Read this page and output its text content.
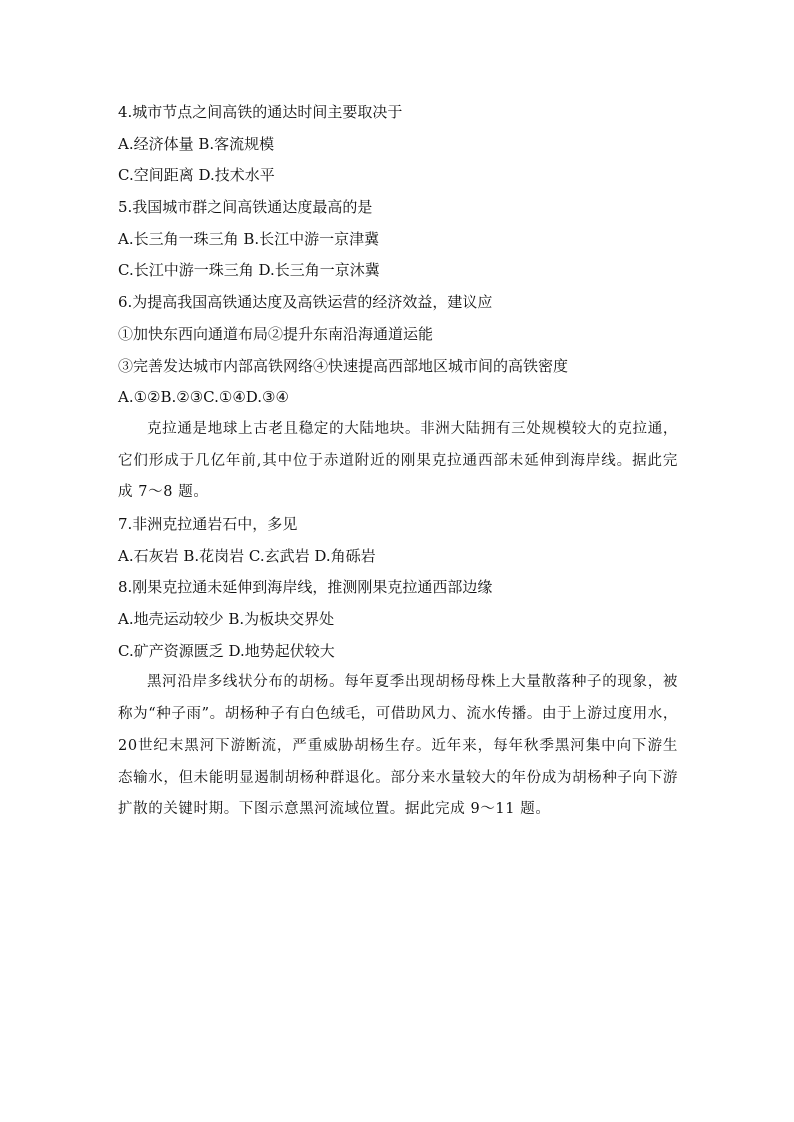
4.城市节点之间高铁的通达时间主要取决于
A.经济体量 B.客流规模
C.空间距离 D.技术水平
5.我国城市群之间高铁通达度最高的是
A.长三角一珠三角 B.长江中游一京津冀
C.长江中游一珠三角 D.长三角一京沐冀
6.为提高我国高铁通达度及高铁运营的经济效益，建议应
①加快东西向通道布局②提升东南沿海通道运能
③完善发达城市内部高铁网络④快速提高西部地区城市间的高铁密度
A.①②B.②③C.①④D.③④
克拉通是地球上古老且稳定的大陆地块。非洲大陆拥有三处规模较大的克拉通，它们形成于几亿年前,其中位于赤道附近的刚果克拉通西部未延伸到海岸线。据此完成 7～8 题。
7.非洲克拉通岩石中，多见
A.石灰岩 B.花岗岩 C.玄武岩 D.角砾岩
8.刚果克拉通未延伸到海岸线，推测刚果克拉通西部边缘
A.地壳运动较少 B.为板块交界处
C.矿产资源匮乏 D.地势起伏较大
黑河沿岸多线状分布的胡杨。每年夏季出现胡杨母株上大量散落种子的现象，被称为“种子雨”。胡杨种子有白色绒毛，可借助风力、流水传播。由于上游过度用水，20世纪末黑河下游断流，严重威胁胡杨生存。近年来，每年秋季黑河集中向下游生态输水，但未能明显遏制胡杨种群退化。部分来水量较大的年份成为胡杨种子向下游扩散的关键时期。下图示意黑河流域位置。据此完成 9～11 题。
